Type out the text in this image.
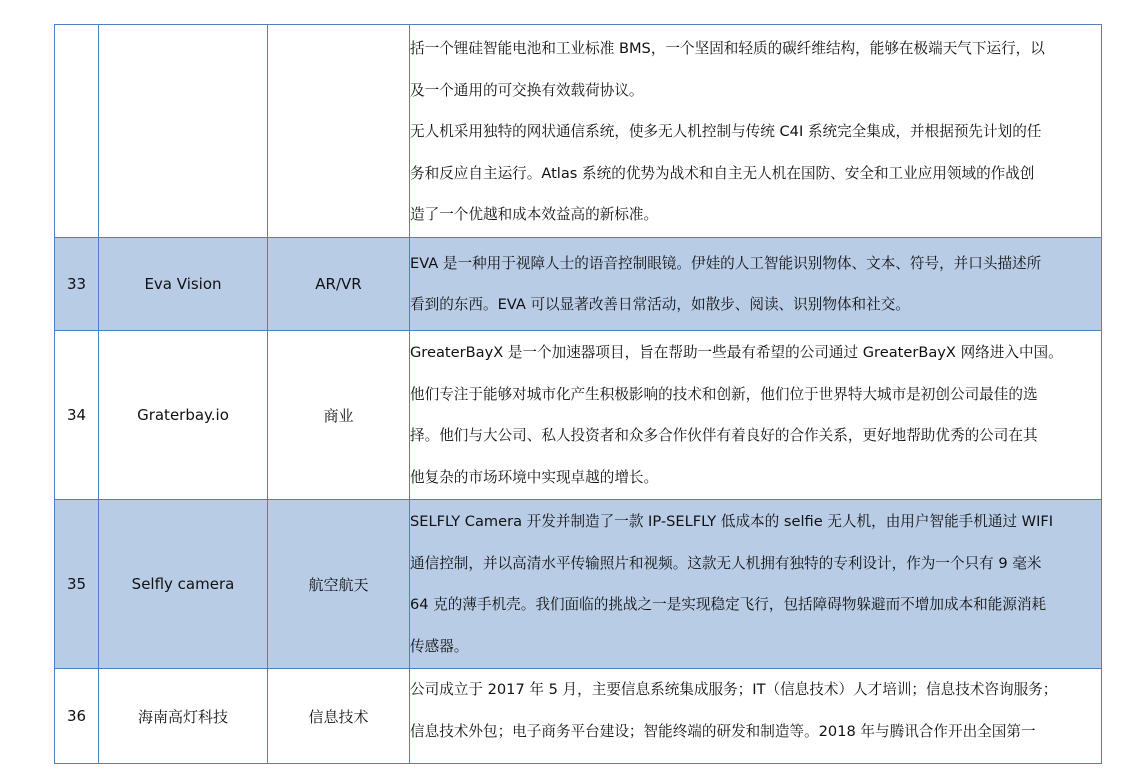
			括一个锂硅智能电池和工业标准 BMS，一个坚固和轻质的碳纤维结构，能够在极端天气下运行，以
及一个通用的可交换有效载荷协议。
无人机采用独特的网状通信系统，使多无人机控制与传统 C4I 系统完全集成，并根据预先计划的任
务和反应自主运行。Atlas 系统的优势为战术和自主无人机在国防、安全和工业应用领域的作战创
造了一个优越和成本效益高的新标准。

33	Eva Vision	AR/VR	EVA 是一种用于视障人士的语音控制眼镜。伊娃的人工智能识别物体、文本、符号，并口头描述所
看到的东西。EVA 可以显著改善日常活动，如散步、阅读、识别物体和社交。

34	Graterbay.io	商业	GreaterBayX 是一个加速器项目，旨在帮助一些最有希望的公司通过 GreaterBayX 网络进入中国。
他们专注于能够对城市化产生积极影响的技术和创新，他们位于世界特大城市是初创公司最佳的选
择。他们与大公司、私人投资者和众多合作伙伴有着良好的合作关系，更好地帮助优秀的公司在其
他复杂的市场环境中实现卓越的增长。

35	Selfly camera	航空航天	SELFLY Camera 开发并制造了一款 IP-SELFLY 低成本的 selfie 无人机，由用户智能手机通过 WIFI
通信控制，并以高清水平传输照片和视频。这款无人机拥有独特的专利设计，作为一个只有 9 毫米
64 克的薄手机壳。我们面临的挑战之一是实现稳定飞行，包括障碍物躲避而不增加成本和能源消耗
传感器。

36	海南高灯科技	信息技术	公司成立于 2017 年 5 月，主要信息系统集成服务；IT（信息技术）人才培训；信息技术咨询服务；
信息技术外包；电子商务平台建设；智能终端的研发和制造等。2018 年与腾讯合作开出全国第一
